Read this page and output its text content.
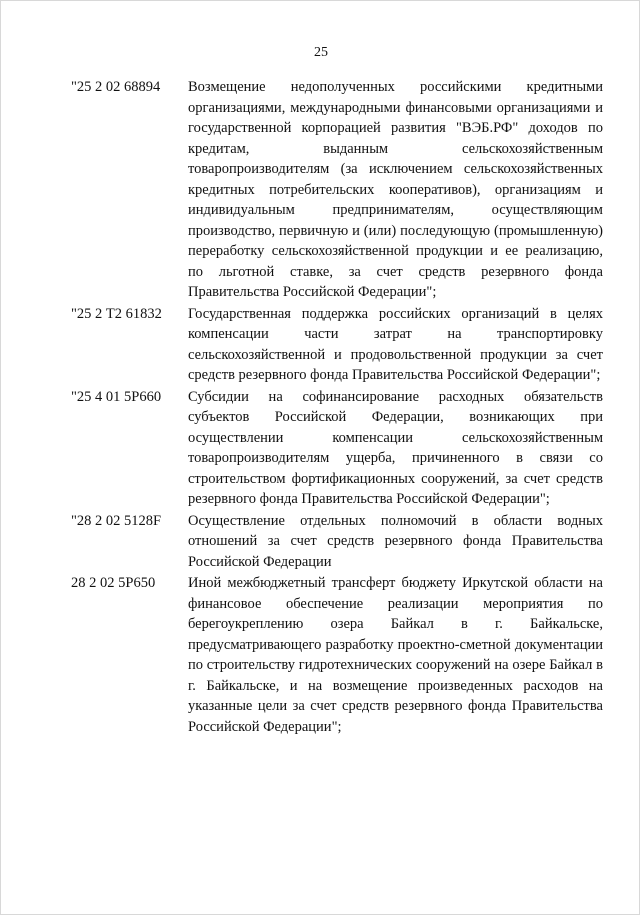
25
"25 2 02 68894	Возмещение недополученных российскими кредитными организациями, международными финансовыми организациями и государственной корпорацией развития "ВЭБ.РФ" доходов по кредитам, выданным сельскохозяйственным товаропроизводителям (за исключением сельскохозяйственных кредитных потребительских кооперативов), организациям и индивидуальным предпринимателям, осуществляющим производство, первичную и (или) последующую (промышленную) переработку сельскохозяйственной продукции и ее реализацию, по льготной ставке, за счет средств резервного фонда Правительства Российской Федерации";
"25 2 Т2 61832	Государственная поддержка российских организаций в целях компенсации части затрат на транспортировку сельскохозяйственной и продовольственной продукции за счет средств резервного фонда Правительства Российской Федерации";
"25 4 01 5Р660	Субсидии на софинансирование расходных обязательств субъектов Российской Федерации, возникающих при осуществлении компенсации сельскохозяйственным товаропроизводителям ущерба, причиненного в связи со строительством фортификационных сооружений, за счет средств резервного фонда Правительства Российской Федерации";
"28 2 02 5128F	Осуществление отдельных полномочий в области водных отношений за счет средств резервного фонда Правительства Российской Федерации
28 2 02 5Р650	Иной межбюджетный трансферт бюджету Иркутской области на финансовое обеспечение реализации мероприятия по берегоукреплению озера Байкал в г. Байкальске, предусматривающего разработку проектно-сметной документации по строительству гидротехнических сооружений на озере Байкал в г. Байкальске, и на возмещение произведенных расходов на указанные цели за счет средств резервного фонда Правительства Российской Федерации";
